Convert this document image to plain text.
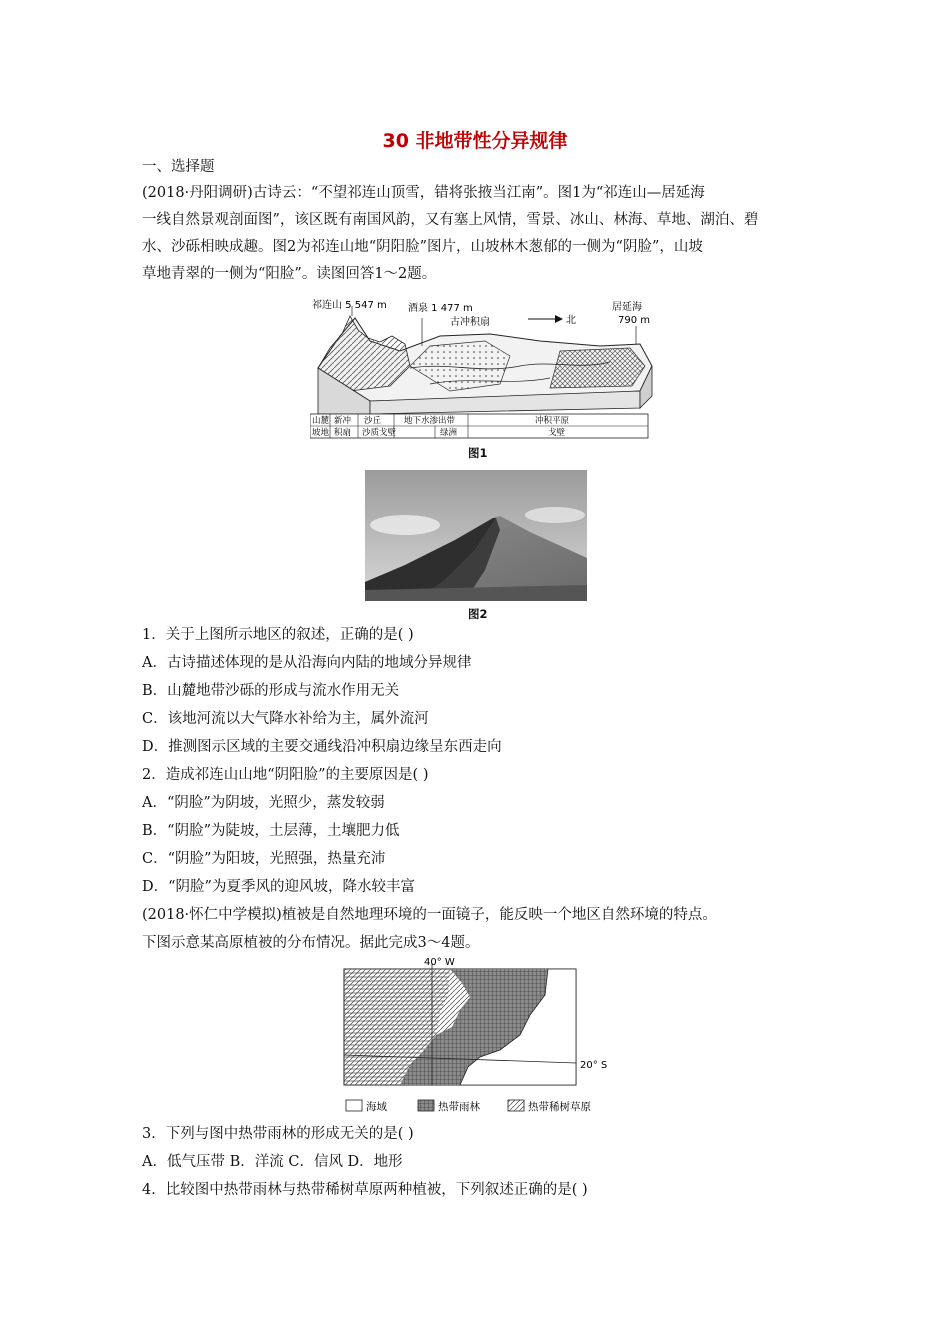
30 非地带性分异规律
一、选择题
(2018·丹阳调研)古诗云：“不望祁连山顶雪，错将张掖当江南”。图1为“祁连山—居延海
一线自然景观剖面图”，该区既有南国风韵，又有塞上风情，雪景、冰山、林海、草地、湖泊、碧
水、沙砾相映成趣。图2为祁连山地“阴阳脸”图片，山坡林木葱郁的一侧为“阴脸”，山坡
草地青翠的一侧为“阳脸”。读图回答1～2题。
祁连山 5 547 m 酒泉 1 477 m
古冲积扇	北
居延海
790 m
山麓 新冲 沙丘	地下水渗出带	冲积平原
坡地 积扇 沙质戈壁	绿洲	戈壁
图1
图2
1．关于上图所示地区的叙述，正确的是( )
A．古诗描述体现的是从沿海向内陆的地域分异规律
B．山麓地带沙砾的形成与流水作用无关
C．该地河流以大气降水补给为主，属外流河
D．推测图示区域的主要交通线沿冲积扇边缘呈东西走向
2．造成祁连山山地“阴阳脸”的主要原因是( )
A．“阴脸”为阴坡，光照少，蒸发较弱
B．“阴脸”为陡坡，土层薄，土壤肥力低
C．“阴脸”为阳坡，光照强，热量充沛
D．“阴脸”为夏季风的迎风坡，降水较丰富
(2018·怀仁中学模拟)植被是自然地理环境的一面镜子，能反映一个地区自然环境的特点。
下图示意某高原植被的分布情况。据此完成3～4题。
40° W
20° S
海域	热带雨林	热带稀树草原
3．下列与图中热带雨林的形成无关的是( )
A．低气压带 B．洋流 C．信风 D．地形
4．比较图中热带雨林与热带稀树草原两种植被，下列叙述正确的是( )
